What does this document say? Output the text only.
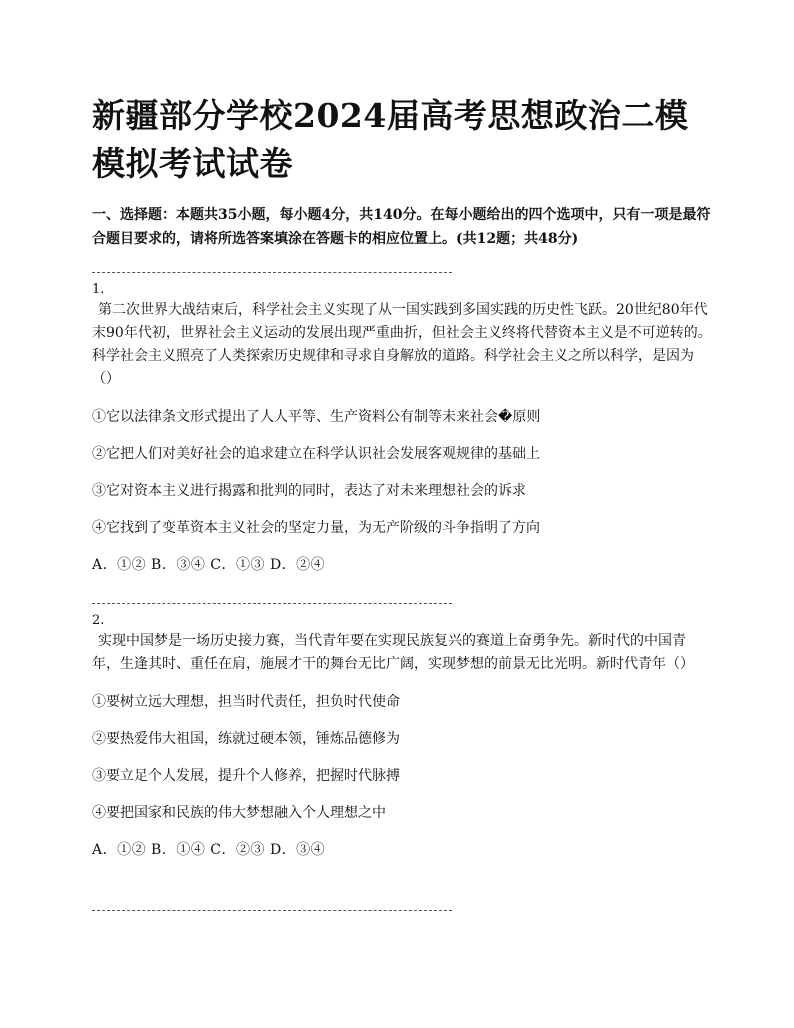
新疆部分学校2024届高考思想政治二模模拟考试试卷

一、选择题：本题共35小题，每小题4分，共140分。在每小题给出的四个选项中，只有一项是最符合题目要求的，请将所选答案填涂在答题卡的相应位置上。(共12题；共48分)

1.

第二次世界大战结束后，科学社会主义实现了从一国实践到多国实践的历史性飞跃。20世纪80年代末90年代初，世界社会主义运动的发展出现严重曲折，但社会主义终将代替资本主义是不可逆转的。科学社会主义照亮了人类探索历史规律和寻求自身解放的道路。科学社会主义之所以科学，是因为（）

①它以法律条文形式提出了人人平等、生产资料公有制等未来社会�原则

②它把人们对美好社会的追求建立在科学认识社会发展客观规律的基础上

③它对资本主义进行揭露和批判的同时，表达了对未来理想社会的诉求

④它找到了变革资本主义社会的坚定力量，为无产阶级的斗争指明了方向

A．①② B．③④ C．①③ D．②④

2.

实现中国梦是一场历史接力赛，当代青年要在实现民族复兴的赛道上奋勇争先。新时代的中国青年，生逢其时、重任在肩，施展才干的舞台无比广阔，实现梦想的前景无比光明。新时代青年（）

①要树立远大理想，担当时代责任，担负时代使命

②要热爱伟大祖国，练就过硬本领，锤炼品德修为

③要立足个人发展，提升个人修养，把握时代脉搏

④要把国家和民族的伟大梦想融入个人理想之中

A．①② B．①④ C．②③ D．③④
